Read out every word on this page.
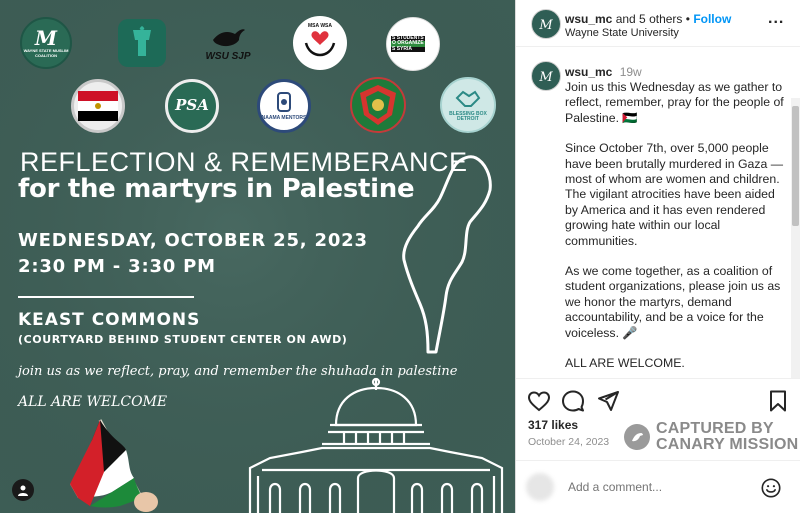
M
WAYNE STATE MUSLIM COALITION	WSU SJP
MSA WSA
S STUDENTS
O ORGANIZE
S SYRIA
PSA
NAAMA MENTORS
BLESSING BOX DETROIT
REFLECTION & REMEMBERANCE
for the martyrs in Palestine
WEDNESDAY, OCTOBER 25, 2023
2:30 PM - 3:30 PM
KEAST COMMONS
(COURTYARD BEHIND STUDENT CENTER ON AWD)
join us as we reflect, pray, and remember the shuhada in palestine
ALL ARE WELCOME
M wsu_mc and 5 others • Follow
Wayne State University
...
M wsu_mc 19w

Join us this Wednesday as we gather to reflect, remember, pray for the people of Palestine. 🇵🇸

Since October 7th, over 5,000 people have been brutally murdered in Gaza — most of whom are women and children. The vigilant atrocities have been aided by America and it has even rendered growing hate within our local communities.

As we come together, as a coalition of student organizations, please join us as we honor the martyrs, demand accountability, and be a voice for the voiceless. 🎤

ALL ARE WELCOME.

317 likes
October 24, 2023
CAPTURED BY
CANARY MISSION
Add a comment...
